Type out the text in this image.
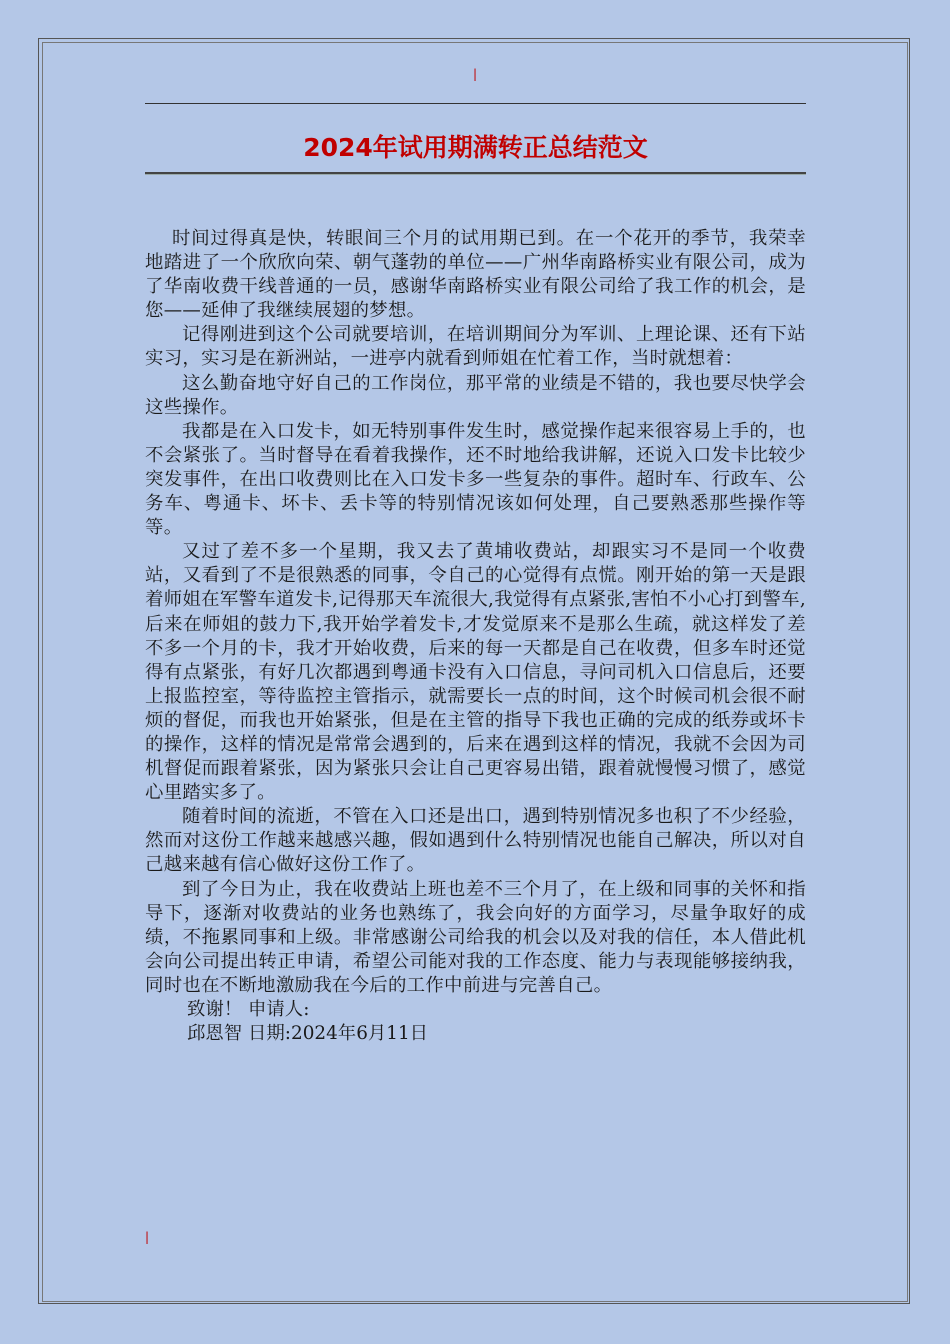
|
2024年试用期满转正总结范文

时间过得真是快，转眼间三个月的试用期已到。在一个花开的季节，我荣幸地踏进了一个欣欣向荣、朝气蓬勃的单位——广州华南路桥实业有限公司，成为了华南收费干线普通的一员，感谢华南路桥实业有限公司给了我工作的机会，是您——延伸了我继续展翅的梦想。

记得刚进到这个公司就要培训，在培训期间分为军训、上理论课、还有下站实习，实习是在新洲站，一进亭内就看到师姐在忙着工作，当时就想着：

这么勤奋地守好自己的工作岗位，那平常的业绩是不错的，我也要尽快学会这些操作。

我都是在入口发卡，如无特别事件发生时，感觉操作起来很容易上手的，也不会紧张了。当时督导在看着我操作，还不时地给我讲解，还说入口发卡比较少突发事件，在出口收费则比在入口发卡多一些复杂的事件。超时车、行政车、公务车、粤通卡、坏卡、丢卡等的特别情况该如何处理，自己要熟悉那些操作等等。

又过了差不多一个星期，我又去了黄埔收费站，却跟实习不是同一个收费站，又看到了不是很熟悉的同事，令自己的心觉得有点慌。刚开始的第一天是跟着师姐在军警车道发卡,记得那天车流很大,我觉得有点紧张,害怕不小心打到警车,后来在师姐的鼓力下,我开始学着发卡,才发觉原来不是那么生疏，就这样发了差不多一个月的卡，我才开始收费，后来的每一天都是自己在收费，但多车时还觉得有点紧张，有好几次都遇到粤通卡没有入口信息，寻问司机入口信息后，还要上报监控室，等待监控主管指示，就需要长一点的时间，这个时候司机会很不耐烦的督促，而我也开始紧张，但是在主管的指导下我也正确的完成的纸券或坏卡的操作，这样的情况是常常会遇到的，后来在遇到这样的情况，我就不会因为司机督促而跟着紧张，因为紧张只会让自己更容易出错，跟着就慢慢习惯了，感觉心里踏实多了。

随着时间的流逝，不管在入口还是出口，遇到特别情况多也积了不少经验，然而对这份工作越来越感兴趣，假如遇到什么特别情况也能自己解决，所以对自己越来越有信心做好这份工作了。

到了今日为止，我在收费站上班也差不三个月了，在上级和同事的关怀和指导下，逐渐对收费站的业务也熟练了，我会向好的方面学习，尽量争取好的成绩，不拖累同事和上级。非常感谢公司给我的机会以及对我的信任，本人借此机会向公司提出转正申请，希望公司能对我的工作态度、能力与表现能够接纳我，同时也在不断地激励我在今后的工作中前进与完善自己。

致谢！ 申请人:

邱恩智 日期:2024年6月11日

|
